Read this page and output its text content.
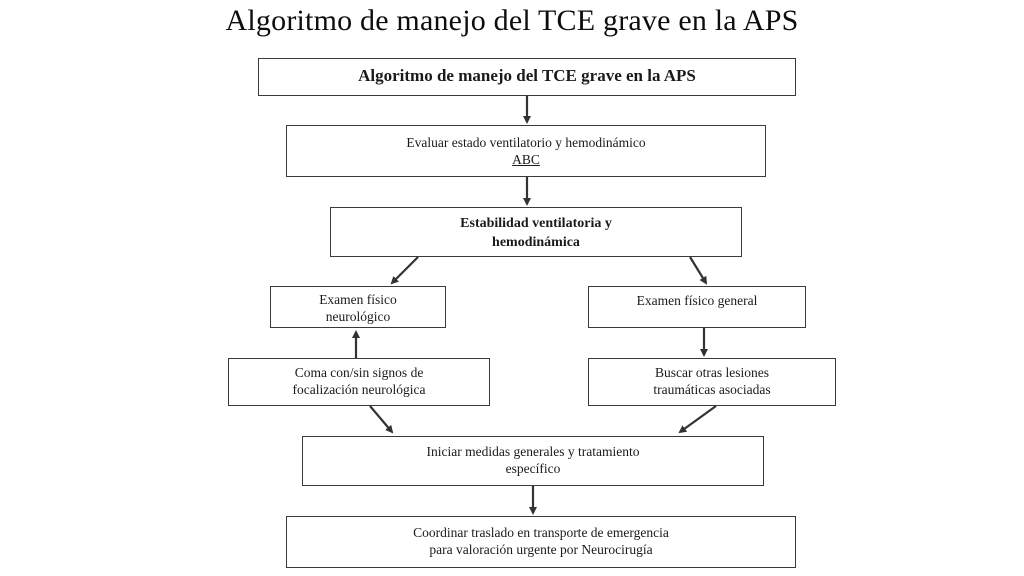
Algoritmo de manejo del TCE grave en la APS
Algoritmo de manejo del TCE grave en la APS
Evaluar estado ventilatorio y hemodinámico
ABC
Estabilidad ventilatoria y
hemodinámica
Examen físico
neurológico
Examen físico general
Coma con/sin signos de
focalización neurológica
Buscar otras lesiones
traumáticas asociadas
Iniciar medidas generales y tratamiento
específico
Coordinar traslado en transporte de emergencia
para valoración urgente por Neurocirugía
